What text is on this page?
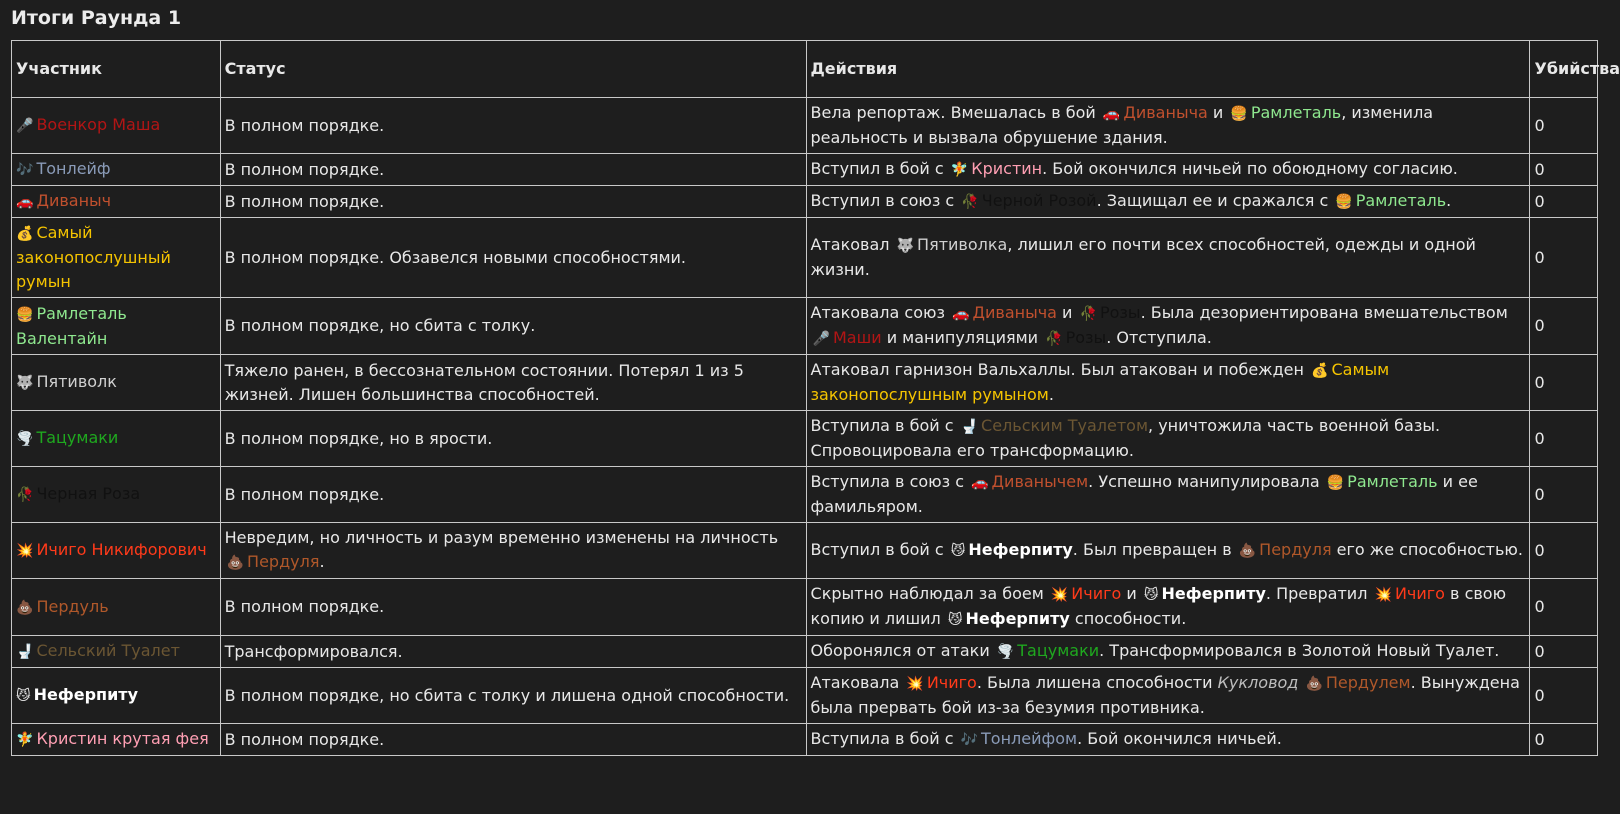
Итоги Раунда 1
Участник	Статус	Действия	Убийства
🎤 Военкор Маша	В полном порядке.	Вела репортаж. Вмешалась в бой 🚗 Диваныча и 🍔 Рамлеталь, изменила реальность и вызвала обрушение здания.	0
🎶 Тонлейф	В полном порядке.	Вступил в бой с 🧚 Кристин. Бой окончился ничьей по обоюдному согласию.	0
🚗 Диваныч	В полном порядке.	Вступил в союз с 🥀 Черной Розой. Защищал ее и сражался с 🍔 Рамлеталь.	0
💰 Самый законопослушный румын	В полном порядке. Обзавелся новыми способностями.	Атаковал 🐺 Пятиволка, лишил его почти всех способностей, одежды и одной жизни.	0
🍔 Рамлеталь Валентайн	В полном порядке, но сбита с толку.	Атаковала союз 🚗 Диваныча и 🥀 Розы. Была дезориентирована вмешательством 🎤 Маши и манипуляциями 🥀 Розы. Отступила.	0
🐺 Пятиволк	Тяжело ранен, в бессознательном состоянии. Потерял 1 из 5 жизней. Лишен большинства способностей.	Атаковал гарнизон Вальхаллы. Был атакован и побежден 💰 Самым законопослушным румыном.	0
🌪️ Тацумаки	В полном порядке, но в ярости.	Вступила в бой с 🚽 Сельским Туалетом, уничтожила часть военной базы. Спровоцировала его трансформацию.	0
🥀 Черная Роза	В полном порядке.	Вступила в союз с 🚗 Диванычем. Успешно манипулировала 🍔 Рамлеталь и ее фамильяром.	0
💥 Ичиго Никифорович	Невредим, но личность и разум временно изменены на личность 💩 Пердуля.	Вступил в бой с 😼 Неферпиту. Был превращен в 💩 Пердуля его же способностью.	0
💩 Пердуль	В полном порядке.	Скрытно наблюдал за боем 💥 Ичиго и 😼 Неферпиту. Превратил 💥 Ичиго в свою копию и лишил 😼 Неферпиту способности.	0
🚽 Сельский Туалет	Трансформировался.	Оборонялся от атаки 🌪️ Тацумаки. Трансформировался в Золотой Новый Туалет.	0
😼 Неферпиту	В полном порядке, но сбита с толку и лишена одной способности.	Атаковала 💥 Ичиго. Была лишена способности Кукловод 💩 Пердулем. Вынуждена была прервать бой из-за безумия противника.	0
🧚 Кристин крутая фея	В полном порядке.	Вступила в бой с 🎶 Тонлейфом. Бой окончился ничьей.	0
